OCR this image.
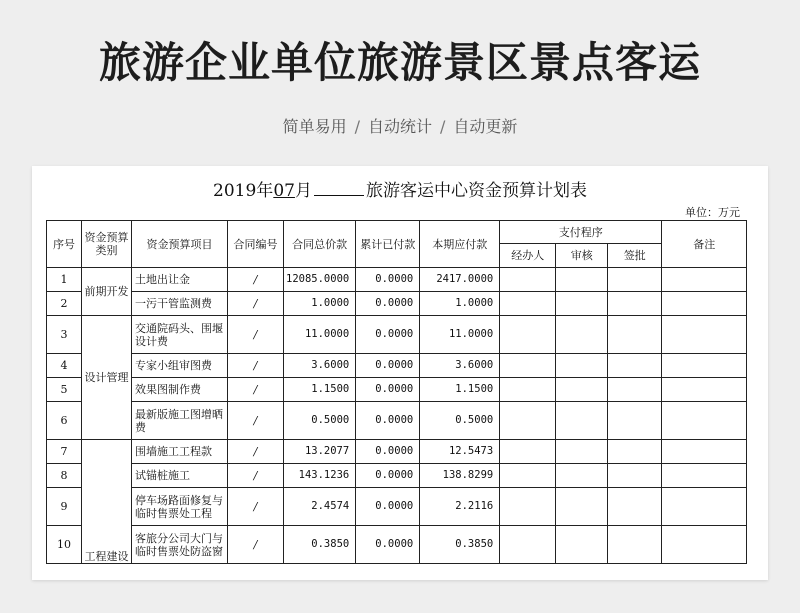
旅游企业单位旅游景区景点客运
简单易用 / 自动统计 / 自动更新
2019年07月	旅游客运中心资金预算计划表
单位：万元
序号	资金预算类别	资金预算项目	合同编号	合同总价款	累计已付款	本期应付款	支付程序			备注
							经办人	审核	签批	
1	前期开发	土地出让金	/	12085.0000	0.0000	2417.0000				
2		一污干管监测费	/	1.0000	0.0000	1.0000				
3	设计管理	交通院码头、围堰设计费	/	11.0000	0.0000	11.0000				
4		专家小组审图费	/	3.6000	0.0000	3.6000				
5		效果图制作费	/	1.1500	0.0000	1.1500				
6		最新版施工图增晒费	/	0.5000	0.0000	0.5000				
7	工程建设	围墙施工工程款	/	13.2077	0.0000	12.5473				
8		试锚桩施工	/	143.1236	0.0000	138.8299				
9		停车场路面修复与临时售票处工程	/	2.4574	0.0000	2.2116				
10		客旅分公司大门与临时售票处防盗窗	/	0.3850	0.0000	0.3850				
